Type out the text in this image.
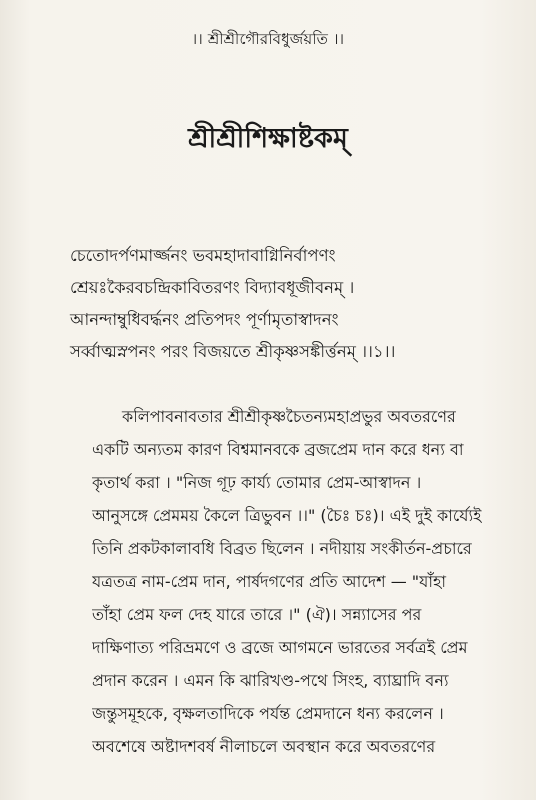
।। শ্রীশ্রীগৌরবিধুর্জয়তি ।।
শ্রীশ্রীশিক্ষাষ্টকম্
চেতোদর্পণমার্জ্জনং ভবমহাদাবাগ্নিনির্বাপণং
শ্রেয়ঃকৈরবচন্দ্রিকাবিতরণং বিদ্যাবধূজীবনম্ ।
আনন্দাম্বুধিবর্দ্ধনং প্রতিপদং পূর্ণামৃতাস্বাদনং
সর্ব্বাত্মস্নপনং পরং বিজয়তে শ্রীকৃষ্ণসঙ্কীর্ত্তনম্ ।।১।।
কলিপাবনাবতার শ্রীশ্রীকৃষ্ণচৈতন্যমহাপ্রভুর অবতরণের
একটি অন্যতম কারণ বিশ্বমানবকে ব্রজপ্রেম দান করে ধন্য বা
কৃতার্থ করা । "নিজ গূঢ় কার্য্য তোমার প্রেম-আস্বাদন ।
আনুসঙ্গে প্রেমময় কৈলে ত্রিভুবন ।।" (চৈঃ চঃ)। এই দুই কার্য্যেই
তিনি প্রকটকালাবধি বিব্রত ছিলেন । নদীয়ায় সংকীর্তন-প্রচারে
যত্রতত্র নাম-প্রেম দান, পার্ষদগণের প্রতি আদেশ — "যাঁহা
তাঁহা প্রেম ফল দেহ যারে তারে ।" (ঐ)। সন্ন্যাসের পর
দাক্ষিণাত্য পরিভ্রমণে ও ব্রজে আগমনে ভারতের সর্বত্রই প্রেম
প্রদান করেন । এমন কি ঝারিখণ্ড-পথে সিংহ, ব্যাঘ্রাদি বন্য
জন্তুসমূহকে, বৃক্ষলতাদিকে পর্যন্ত প্রেমদানে ধন্য করলেন ।
অবশেষে অষ্টাদশবর্ষ নীলাচলে অবস্থান করে অবতরণের
